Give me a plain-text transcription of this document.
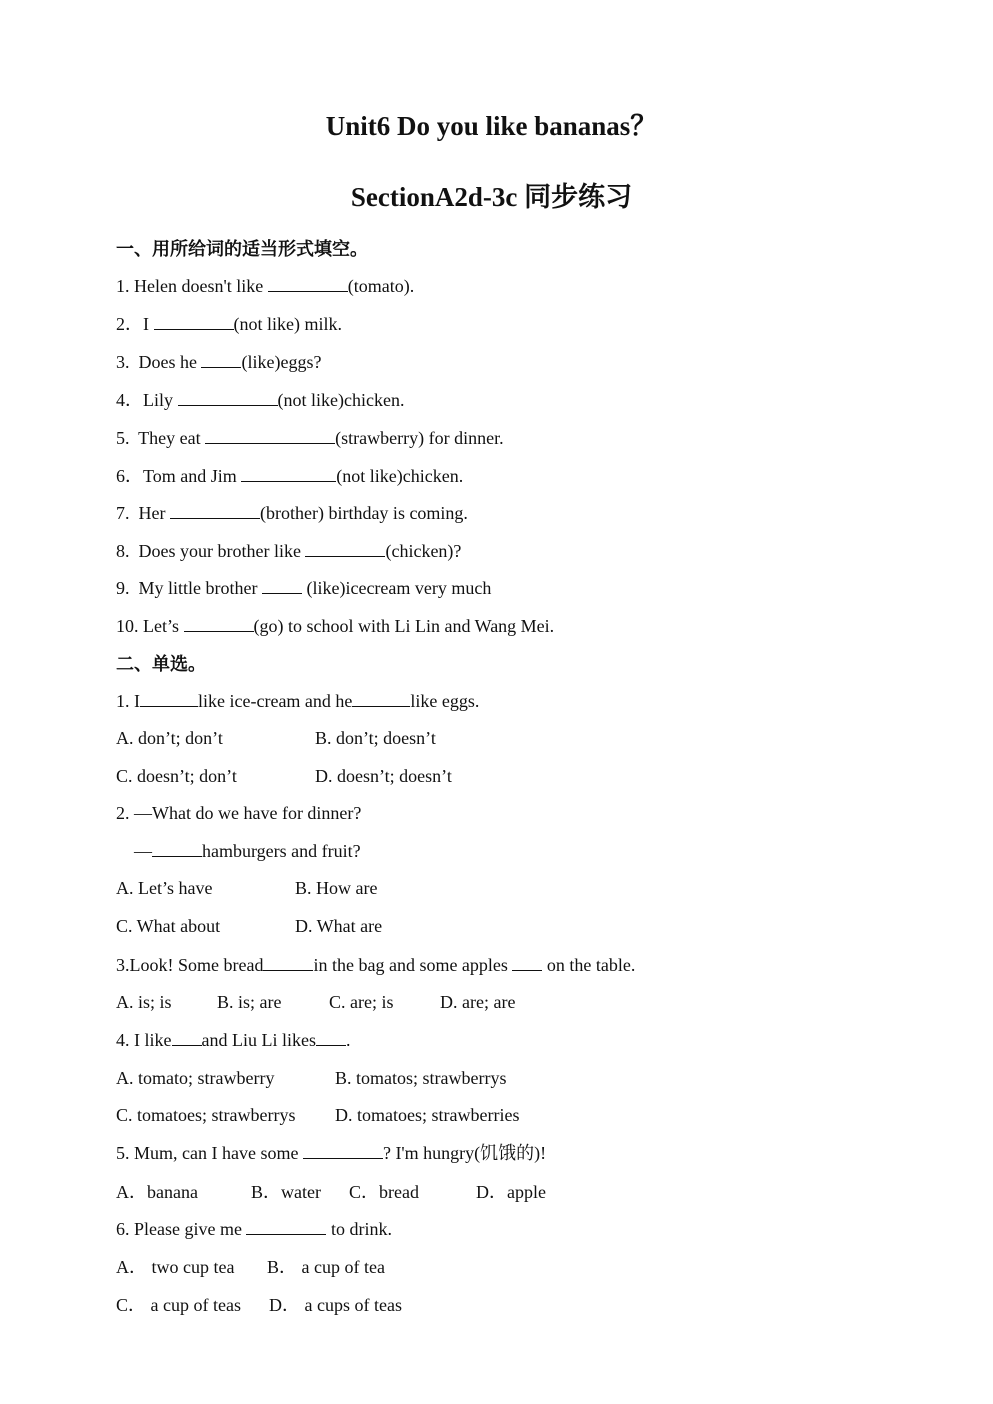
Unit6 Do you like bananas？
SectionA2d-3c 同步练习
一、用所给词的适当形式填空。
1. Helen doesn't like	(tomato).
2．I	(not like) milk.
3.  Does he (like)eggs?
4．Lily	(not like)chicken.
5.  They eat	(strawberry) for dinner.
6．Tom and Jim	(not like)chicken.
7.  Her	(brother) birthday is coming.
8.  Does your brother like	(chicken)?
9.  My little brother  (like)icecream very much
10. Let’s	(go) to school with Li Lin and Wang Mei.
二、单选。
1. I	like ice-cream and he	like eggs.
A. don’t; don’t	B. don’t; doesn’t
C. doesn’t; don’t	D. doesn’t; doesn’t
2. —What do we have for dinner?
—	hamburgers and fruit?
A. Let’s have	B. How are
C. What about	D. What are
3.Look! Some bread	in the bag and some apples  on the table.
A. is; is	B. is; are	C. are; is	D. are; are
4. I like and Liu Li likes .
A. tomato; strawberry	B. tomatos; strawberrys
C. tomatoes; strawberrys D. tomatoes; strawberries
5. Mum, can I have some	? I'm hungry(饥饿的)!
A．banana	B．water C．bread	D．apple
6. Please give me	to drink.
A． two cup tea B． a cup of tea
C． a cup of teas D． a cups of teas
